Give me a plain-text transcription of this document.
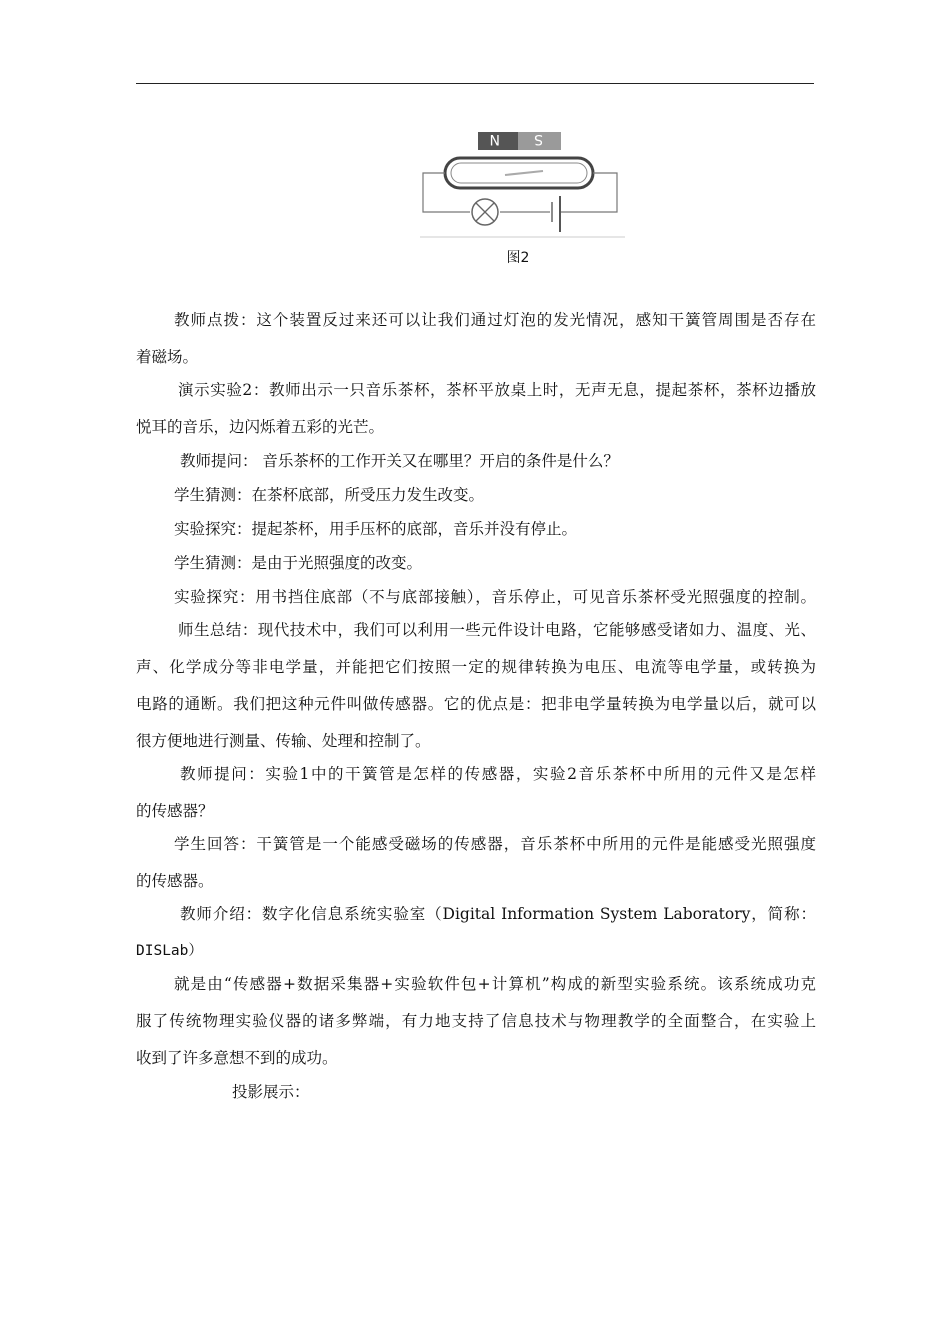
N S
图2

教师点拨：这个装置反过来还可以让我们通过灯泡的发光情况，感知干簧管周围是否存在

着磁场。

演示实验2：教师出示一只音乐茶杯，茶杯平放桌上时，无声无息，提起茶杯，茶杯边播放

悦耳的音乐，边闪烁着五彩的光芒。

教师提问： 音乐茶杯的工作开关又在哪里？开启的条件是什么？

学生猜测：在茶杯底部，所受压力发生改变。

实验探究：提起茶杯，用手压杯的底部，音乐并没有停止。

学生猜测：是由于光照强度的改变。

实验探究：用书挡住底部（不与底部接触），音乐停止，可见音乐茶杯受光照强度的控制。

师生总结：现代技术中，我们可以利用一些元件设计电路，它能够感受诸如力、温度、光、

声、化学成分等非电学量，并能把它们按照一定的规律转换为电压、电流等电学量，或转换为

电路的通断。我们把这种元件叫做传感器。它的优点是：把非电学量转换为电学量以后，就可以

很方便地进行测量、传输、处理和控制了。

教师提问：实验1中的干簧管是怎样的传感器，实验2音乐茶杯中所用的元件又是怎样

的传感器？

学生回答：干簧管是一个能感受磁场的传感器，音乐茶杯中所用的元件是能感受光照强度

的传感器。

教师介绍：数字化信息系统实验室（Digital Information System Laboratory，简称：

DISLab）

就是由“传感器+数据采集器+实验软件包+计算机”构成的新型实验系统。该系统成功克

服了传统物理实验仪器的诸多弊端，有力地支持了信息技术与物理教学的全面整合，在实验上

收到了许多意想不到的成功。

投影展示：
